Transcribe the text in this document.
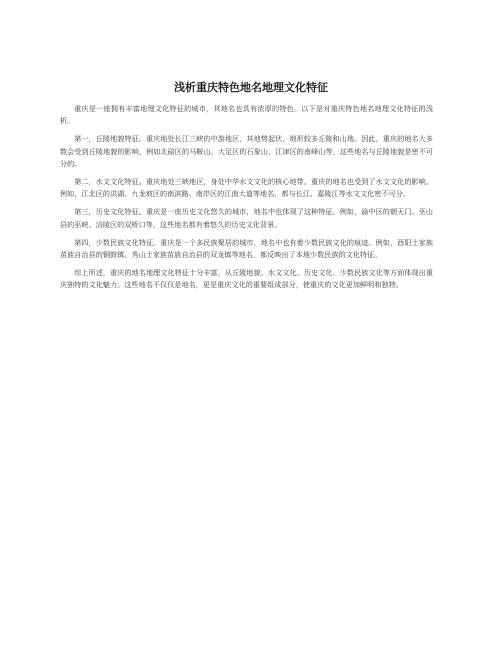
浅析重庆特色地名地理文化特征

重庆是一座拥有丰富地理文化特征的城市，其地名也具有浓厚的特色。以下是对重庆特色地名地理文化特征的浅析。

第一，丘陵地貌特征。重庆地处长江三峡的中游地区，其地势起伏，地形较多丘陵和山地。因此，重庆的地名大多数会受到丘陵地貌的影响，例如北碚区的马鞍山、大足区的石象山、江津区的南峰山等，这些地名与丘陵地貌是密不可分的。

第二，水文文化特征。重庆地处三峡地区，身处中华水文文化的核心地带。重庆的地名也受到了水文文化的影响。例如，江北区的洪湖、九龙坡区的南滨路、南岸区的江南大道等地名，都与长江、嘉陵江等水文文化密不可分。

第三，历史文化特征。重庆是一座历史文化悠久的城市，地名中也体现了这种特征。例如，渝中区的朝天门、巫山县的巫峡、涪陵区的双桥口等，这些地名都有着悠久的历史文化背景。

第四，少数民族文化特征。重庆是一个多民族聚居的城市，地名中也有着少数民族文化的痕迹。例如，酉阳土家族苗族自治县的铜鼓镇、秀山土家族苗族自治县的双龙镇等地名，都反映出了本地少数民族的文化特征。

综上所述，重庆的地名地理文化特征十分丰富，从丘陵地貌、水文文化、历史文化、少数民族文化等方面体现出重庆独特的文化魅力。这些地名不仅仅是地名，更是重庆文化的重要组成部分，使重庆的文化更加鲜明和独特。
